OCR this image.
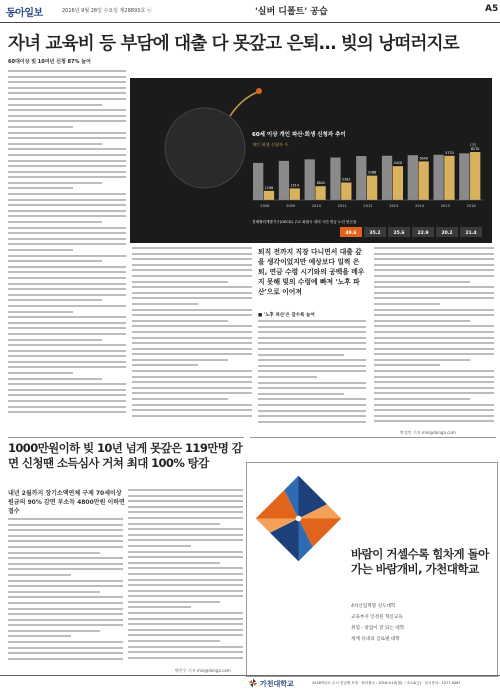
동아일보	2016년 9월 28일 수요일 제28893호 ⓐ	'실버 디폴트' 공습	A5
자녀 교육비 등 부담에 대출 다 못갚고 은퇴… 빚의 낭떠러지로
60대이상 빚 10여년 신청 87% 늘어
60세 이상 개인 파산·회생 신청자 추이
개인 회생 신청자 수	(명)
1198
2008
1514
2009
1804
2010
2281
2011
3186
2012
4420
2013
5040
2014
5770
2015
6270
2016
경제협력개발기구(OECD) 주요 회원국 대비 국민 연금 노인 빈곤율
49.6	35.2	25.6	22.9	20.2	21.4
퇴직 전까지 직장 다니면서 대출 갚을 생각이었지만 예상보다 일찍 은퇴, 연금 수령 시기와의 공백을 메우지 못해 빚의 수렁에 빠져 '노후 파산'으로 이어져
■ '노후 파산'은 갈수록 늘어
박성민 기자 min@donga.com
1000만원이하 빚 10년 넘게 못갚은 119만명 감면 신청땐 소득심사 거쳐 최대 100% 탕감
내년 2월까지 장기소액연체 구제 70세이상 원금의 90% 감면 부소득 4800만원 이하면 접수
박민우 기자 min@donga.com
바람이 거셀수록 힘차게 돌아가는 바람개비, 가천대학교
4차산업혁명 선도대학
교육부지 인정된 혁신교육
취업 · 창업이 잘 되는 대학
세계 유대의 글로벌 대학
가천대학교	2018학년도 수시 신입생 모집 · 원서접수 : 2016.9.10(월) ~ 9.14(금) · 입시문의 : 1577-0087
